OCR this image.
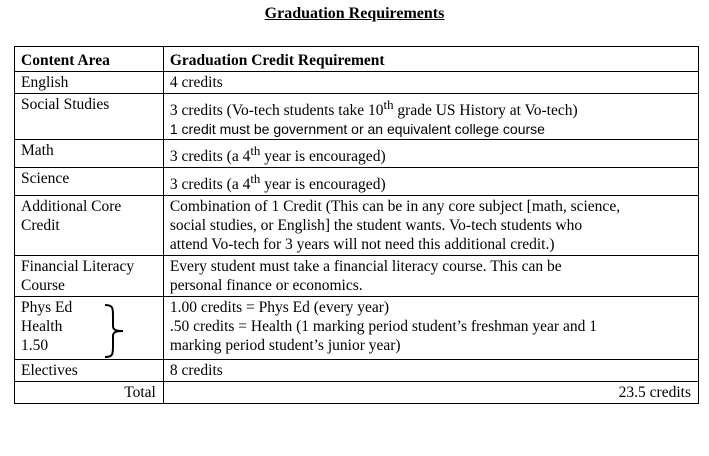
Graduation Requirements
Content Area	Graduation Credit Requirement
English	4 credits
Social Studies	3 credits (Vo-tech students take 10th grade US History at Vo-tech)
1 credit must be government or an equivalent college course

Math	3 credits (a 4th year is encouraged)
Science	3 credits (a 4th year is encouraged)

Additional Core
Credit	Combination of 1 Credit (This can be in any core subject [math, science,
social studies, or English] the student wants. Vo-tech students who
attend Vo-tech for 3 years will not need this additional credit.)

Financial Literacy
Course	Every student must take a financial literacy course. This can be
personal finance or economics.

Phys Ed
Health
1.50	1.00 credits = Phys Ed (every year)
.50 credits = Health (1 marking period student’s freshman year and 1
marking period student’s junior year)

Electives	8 credits
Total	23.5 credits
